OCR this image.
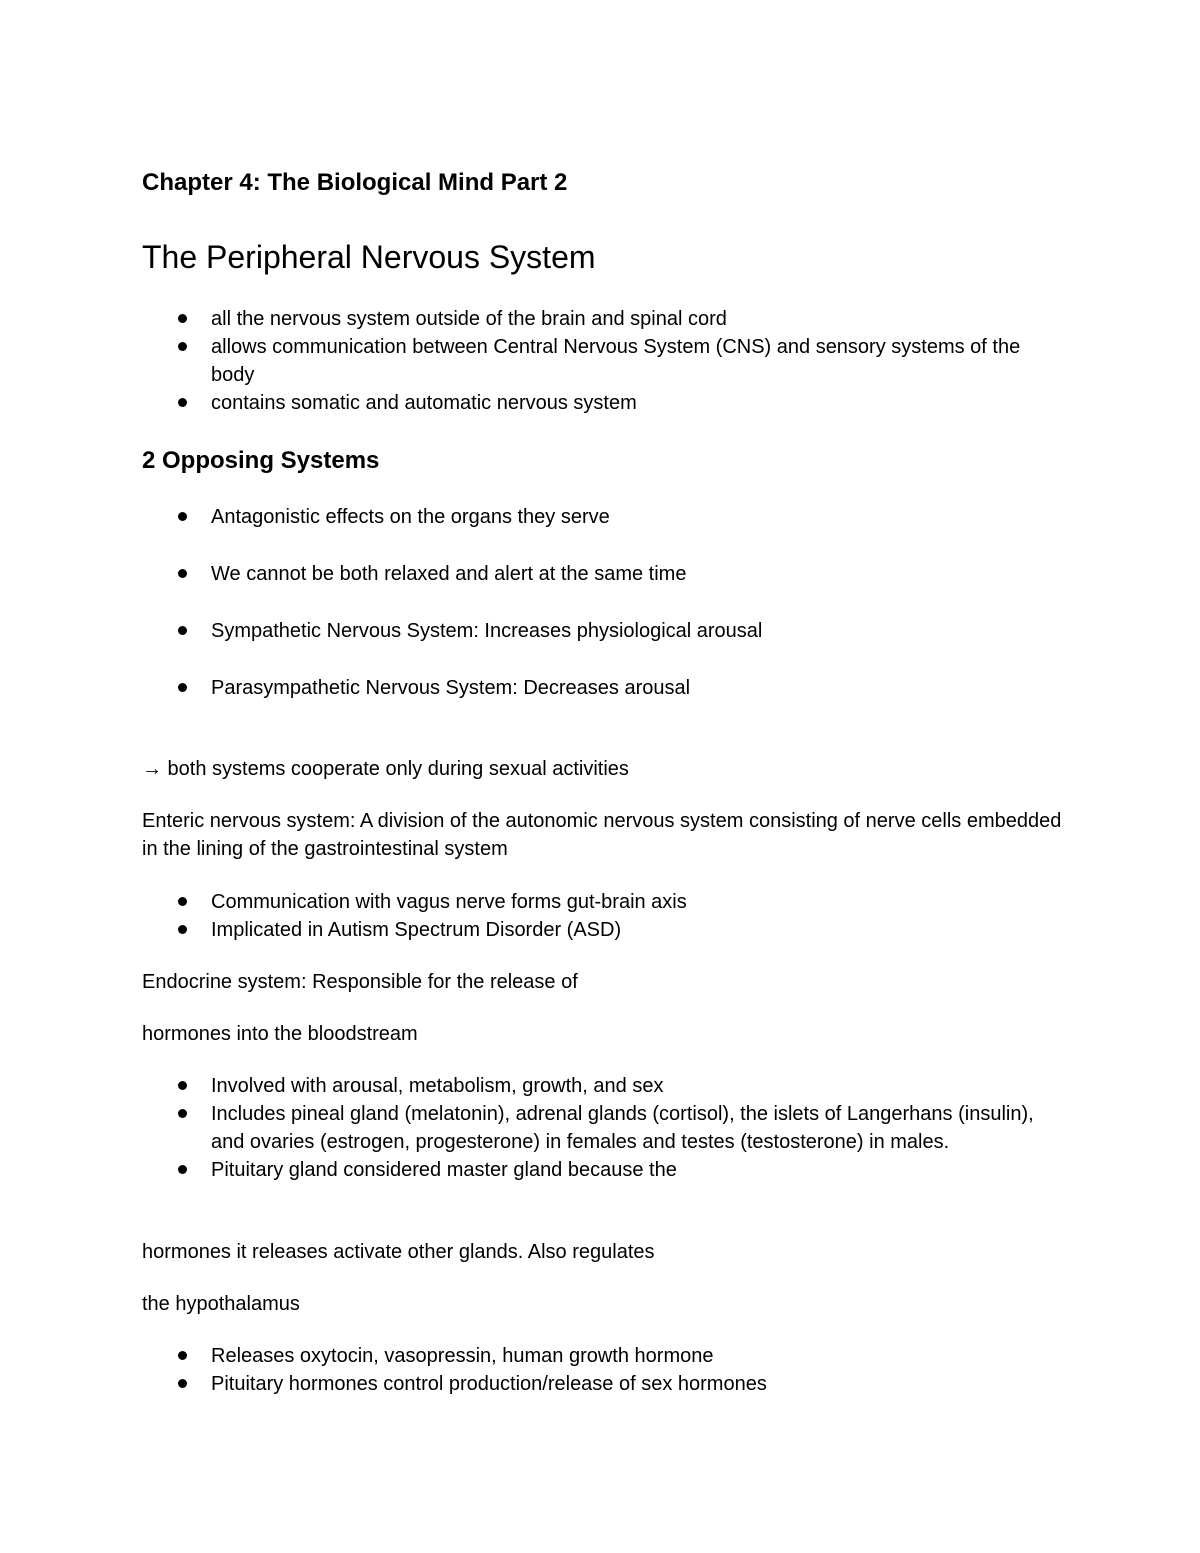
Chapter 4: The Biological Mind Part 2
The Peripheral Nervous System
all the nervous system outside of the brain and spinal cord
allows communication between Central Nervous System (CNS) and sensory systems of the body
contains somatic and automatic nervous system
2 Opposing Systems
Antagonistic effects on the organs they serve
We cannot be both relaxed and alert at the same time
Sympathetic Nervous System: Increases physiological arousal
Parasympathetic Nervous System: Decreases arousal

→ both systems cooperate only during sexual activities

Enteric nervous system: A division of the autonomic nervous system consisting of nerve cells embedded in the lining of the gastrointestinal system

Communication with vagus nerve forms gut-brain axis
Implicated in Autism Spectrum Disorder (ASD)

Endocrine system: Responsible for the release of

hormones into the bloodstream

Involved with arousal, metabolism, growth, and sex
Includes pineal gland (melatonin), adrenal glands (cortisol), the islets of Langerhans (insulin), and ovaries (estrogen, progesterone) in females and testes (testosterone) in males.
Pituitary gland considered master gland because the

hormones it releases activate other glands. Also regulates

the hypothalamus

Releases oxytocin, vasopressin, human growth hormone
Pituitary hormones control production/release of sex hormones
